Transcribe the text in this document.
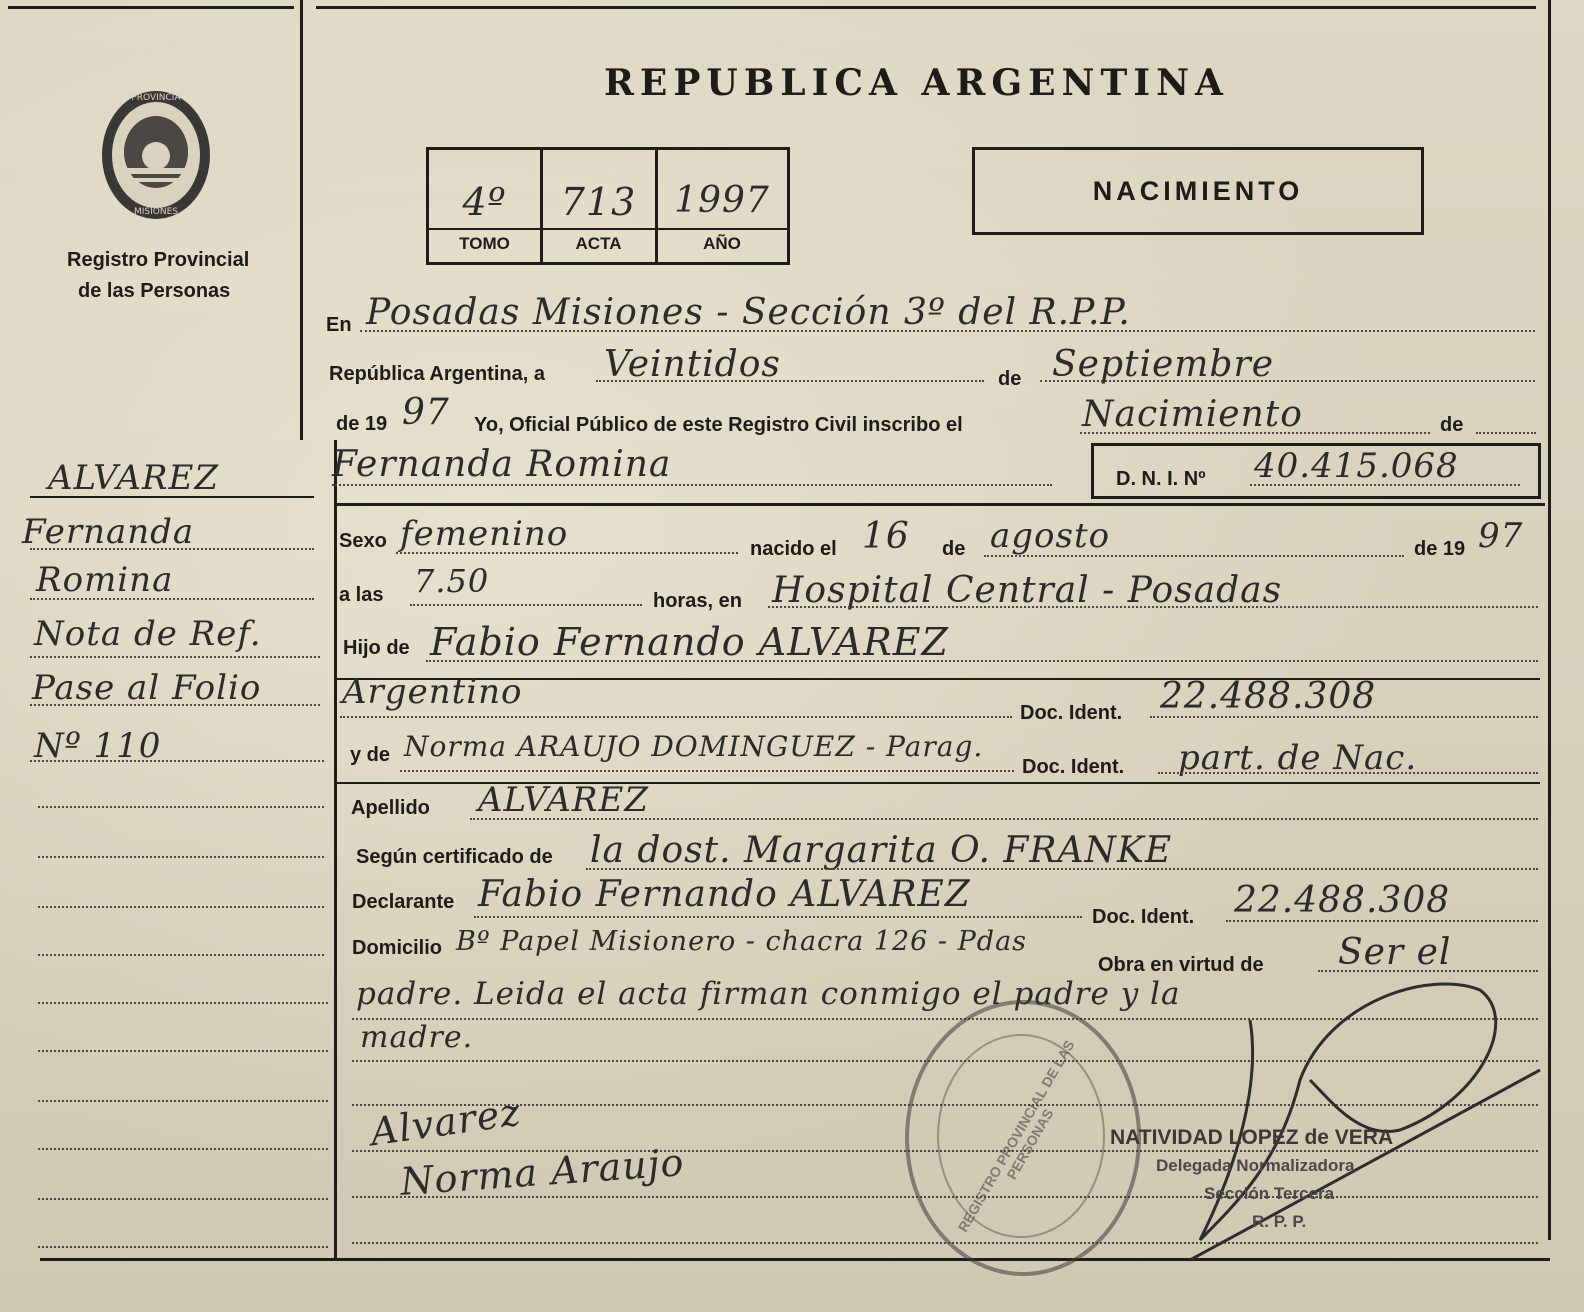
REPUBLICA ARGENTINA
PROVINCIA
MISIONES
Registro Provincial
de las Personas
4º	713	1997
TOMO	ACTA	AÑO
NACIMIENTO
ALVAREZ
Fernanda
Romina
Nota de Ref.
Pase al Folio
Nº 110
En Posadas Misiones - Sección 3º del R.P.P.
República Argentina, a Veintidos	de Septiembre
de 19 97 Yo, Oficial Público de este Registro Civil inscribo el	Nacimiento	de
Fernanda Romina	D. N. I. Nº 40.415.068
Sexo femenino	nacido el 16 de agosto	de 19 97
a las 7.50
horas, en Hospital Central - Posadas
Hijo de Fabio Fernando ALVAREZ
Argentino
Doc. Ident. 22.488.308
y de Norma ARAUJO DOMINGUEZ - Parag.
Doc. Ident. part. de Nac.
Apellido ALVAREZ
Según certificado de la dost. Margarita O. FRANKE
Declarante Fabio Fernando ALVAREZ
Doc. Ident. 22.488.308
Domicilio Bº Papel Misionero - chacra 126 - Pdas
Obra en virtud de Ser el
padre. Leida el acta firman conmigo el padre y la
madre.	REGISTRO PROVINCIAL DE LAS PERSONAS
Alvarez
Norma Araujo
NATIVIDAD LOPEZ de VERA
Delegada Normalizadora
Sección Tercera
R. P. P.
